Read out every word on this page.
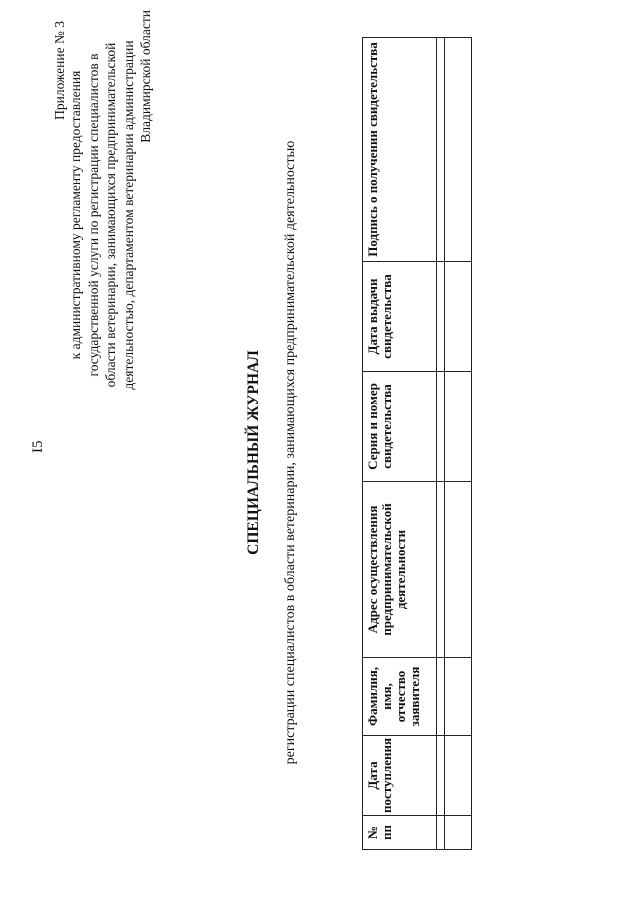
I5
Приложение № 3
к административному регламенту предоставления государственной услуги по регистрации специалистов в области ветеринарии, занимающихся предпринимательской деятельностью, департаментом ветеринарии администрации Владимирской области
СПЕЦИАЛЬНЫЙ ЖУРНАЛ регистрации специалистов в области ветеринарии, занимающихся предпринимательской деятельностью
№ пп	Дата поступления	Фамилия, имя, отчество заявителя	Адрес осуществления предпринимательской деятельности	Серия и номер свидетельства	Дата выдачи свидетельства	Подпись о получении свидетельства
